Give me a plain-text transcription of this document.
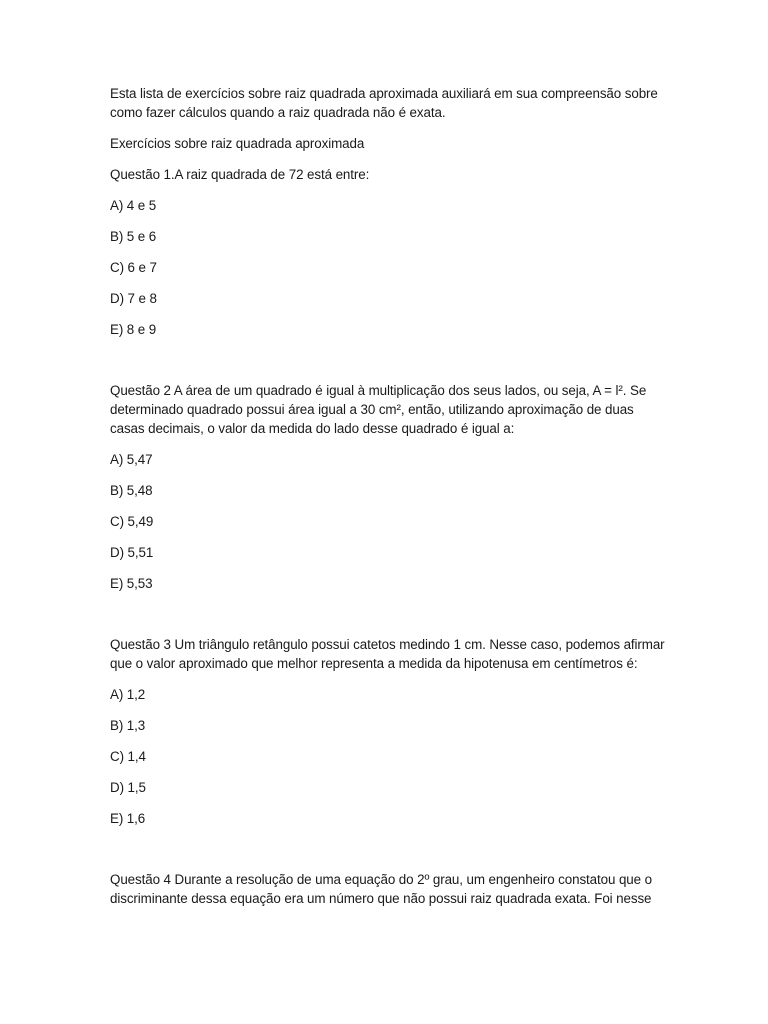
Esta lista de exercícios sobre raiz quadrada aproximada auxiliará em sua compreensão sobre
como fazer cálculos quando a raiz quadrada não é exata.
Exercícios sobre raiz quadrada aproximada
Questão 1.A raiz quadrada de 72 está entre:
A) 4 e 5
B) 5 e 6
C) 6 e 7
D) 7 e 8
E) 8 e 9
Questão 2 A área de um quadrado é igual à multiplicação dos seus lados, ou seja, A = l². Se
determinado quadrado possui área igual a 30 cm², então, utilizando aproximação de duas
casas decimais, o valor da medida do lado desse quadrado é igual a:
A) 5,47
B) 5,48
C) 5,49
D) 5,51
E) 5,53
Questão 3 Um triângulo retângulo possui catetos medindo 1 cm. Nesse caso, podemos afirmar
que o valor aproximado que melhor representa a medida da hipotenusa em centímetros é:
A) 1,2
B) 1,3
C) 1,4
D) 1,5
E) 1,6
Questão 4 Durante a resolução de uma equação do 2º grau, um engenheiro constatou que o
discriminante dessa equação era um número que não possui raiz quadrada exata. Foi nesse
